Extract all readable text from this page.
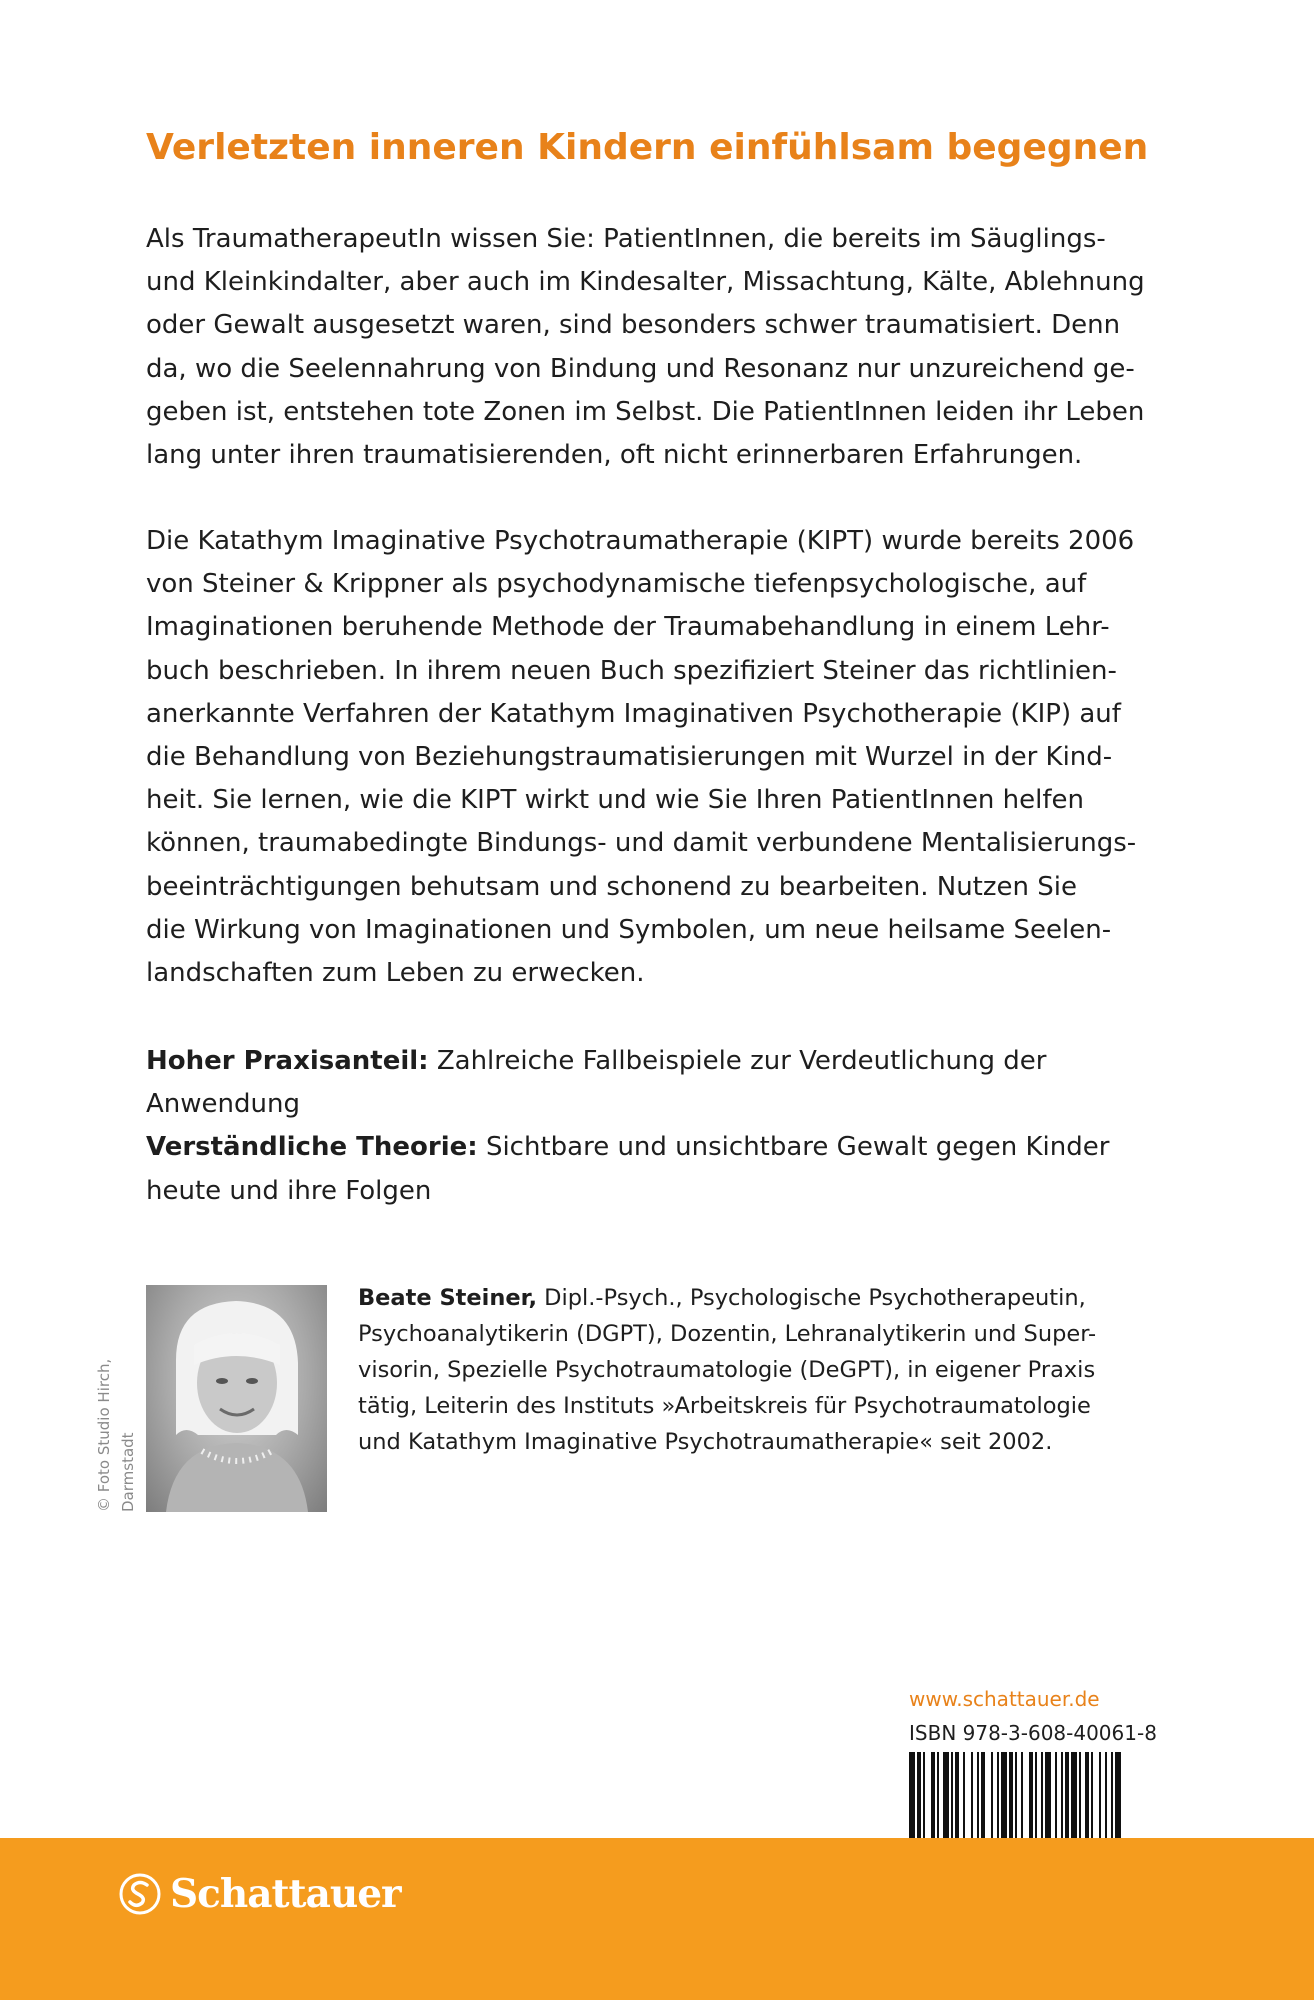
Verletzten inneren Kindern einfühlsam begegnen
Als TraumatherapeutIn wissen Sie: PatientInnen, die bereits im Säuglings-
und Kleinkindalter, aber auch im Kindesalter, Missachtung, Kälte, Ablehnung
oder Gewalt ausgesetzt waren, sind besonders schwer traumatisiert. Denn
da, wo die Seelennahrung von Bindung und Resonanz nur unzureichend ge-
geben ist, entstehen tote Zonen im Selbst. Die PatientInnen leiden ihr Leben
lang unter ihren traumatisierenden, oft nicht erinnerbaren Erfahrungen.
Die Katathym Imaginative Psychotraumatherapie (KIPT) wurde bereits 2006
von Steiner & Krippner als psychodynamische tiefenpsychologische, auf
Imaginationen beruhende Methode der Traumabehandlung in einem Lehr-
buch beschrieben. In ihrem neuen Buch spezifiziert Steiner das richtlinien-
anerkannte Verfahren der Katathym Imaginativen Psychotherapie (KIP) auf
die Behandlung von Beziehungstraumatisierungen mit Wurzel in der Kind-
heit. Sie lernen, wie die KIPT wirkt und wie Sie Ihren PatientInnen helfen
können, traumabedingte Bindungs- und damit verbundene Mentalisierungs-
beeinträchtigungen behutsam und schonend zu bearbeiten. Nutzen Sie
die Wirkung von Imaginationen und Symbolen, um neue heilsame Seelen-
landschaften zum Leben zu erwecken.
Hoher Praxisanteil: Zahlreiche Fallbeispiele zur Verdeutlichung der
Anwendung
Verständliche Theorie: Sichtbare und unsichtbare Gewalt gegen Kinder
heute und ihre Folgen
© Foto Studio Hirch, Darmstadt
Beate Steiner, Dipl.-Psych., Psychologische Psychotherapeutin,
Psychoanalytikerin (DGPT), Dozentin, Lehranalytikerin und Super-
visorin, Spezielle Psychotraumatologie (DeGPT), in eigener Praxis
tätig, Leiterin des Instituts »Arbeitskreis für Psychotraumatologie
und Katathym Imaginative Psychotraumatherapie« seit 2002.
www.schattauer.de
ISBN 978-3-608-40061-8
Schattauer
